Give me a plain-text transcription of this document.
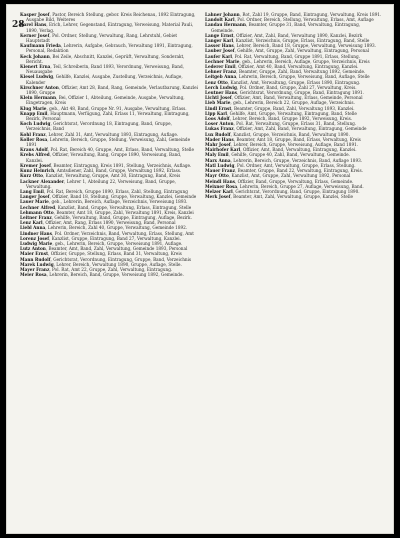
28

Kasper Josef, Pastor, Bereich Stellung, gebor. Kreis Reichenau, 1892 Eintragung, Ausgabe Bild, Weiteres

Karel Hans, Erich, Lehrer, Gegenstand, Eintragung, Verweisung, Material Pauli, 1890, Verlag.

Kerner Josef, Pol. Ordner, Stellung, Verwaltung, Rang, Lehrstuhl, Gebiet Hauptstadt

Kaufmann Frieda, Lehrerin, Aufgabe, Gebrauch, Verwaltung 1891, Eintragung, Personal, Redaktion

Keck Johann, Bei Zeile, Abschnitt, Kanzlei, Geprüft, Verwaltung, Sonderakt, Bericht.

Kienert Erna, Teil, Schreiberin, Band 1893, Verordnung, Verweisung, Band, Neuausgabe

Kiesel Ludwig, Gehilfe, Kanzlei, Ausgabe, Zustellung, Verzeichnis, Auflage, Kalender

Kirschner Anton, Offizier, Amt 28, Band, Rang, Gemeinde, Verlautbarung, Kanzlei 1890, Gruppe

Klein Hermann, Bei, Offizier 1, Abteilung, Gemeinde, Ausgabe, Verwaltung, Eingetragen, Kreis

Klug Marie, geb., Akt 48, Band, Gruppe Nr. 91, Ausgabe, Verwaltung, Erlass.

Knapp Emil, Hauptmann, Verfügung, Zahl, Erlass 11, Verwaltung, Eintragung, Bezirk, Personal

Koch Ludwig, Gerichtsrat, Verordnung 18, Eintragung, Band, Gruppe, Verzeichnis, Band

Kohl Franz, Lehrer, Zahl 31, Amt, Verwaltung 1893, Eintragung, Auflage.

Koller Rosa, Lehrerin, Bereich, Gruppe, Stellung, Verweisung, Zahl, Gemeinde 1891

Kraus Adolf, Pol. Rat, Bereich 40, Gruppe, Amt, Erlass, Band, Verwaltung, Stelle

Krebs Alfred, Offizier, Verwaltung, Rang, Gruppe 1890, Verweisung, Band, Kanzlei.

Kremer Josef, Beamter, Eintragung, Kreis 1891, Stellung, Verzeichnis, Auflage.

Kunz Heinrich, Amtsdiener, Zahl, Band, Gruppe, Verwaltung 1892, Erlass.

Kurz Otto, Kanzlist, Verwaltung, Gruppe, Amt 30, Eintragung, Band, Kreis

Lackner Alexander, Lehrer 1, Abteilung 22, Verweisung, Band, Gruppe, Verwaltung.

Lang Emil, Pol. Rat, Bereich, Gruppe 1890, Erlass, Zahl, Stellung, Eintragung

Langer Josef, Offizier, Band 18, Stellung, Gruppe, Verwaltung, Kanzlei, Gemeinde

Lauer Marie, geb., Lehrerin, Bereich, Auflage, Verzeichnis, Verweisung 1893.

Lechner Alfred, Kanzlist, Band, Gruppe, Verwaltung, Erlass, Eintragung, Stelle

Lehmann Otto, Beamter, Amt 18, Gruppe, Zahl, Verwaltung 1891, Kreis, Kanzlei

Leitner Franz, Gehilfe, Verwaltung, Band, Gruppe, Eintragung, Auflage, Bezirk.

Lenz Karl, Offizier, Amt, Rang, Erlass 1890, Verweisung, Band, Personal

Liebl Anna, Lehrerin, Bereich, Zahl 40, Gruppe, Verwaltung, Gemeinde 1892.

Lindner Hans, Pol. Ordner, Verzeichnis, Band, Verwaltung, Erlass, Stellung, Amt

Lorenz Josef, Kanzlist, Gruppe, Eintragung, Band 27, Verwaltung, Kanzlei.

Ludwig Marie, geb., Lehrerin, Bereich, Gruppe, Verweisung 1891, Auflage.

Lutz Anton, Beamter, Amt, Band, Zahl, Verwaltung, Gemeinde 1893, Personal

Maier Ernst, Offizier, Gruppe, Stellung, Erlass, Band 31, Verwaltung, Kreis

Mann Rudolf, Gerichtsrat, Verordnung, Eintragung, Gruppe, Band, Verzeichnis

Marek Ludwig, Lehrer, Bereich, Verwaltung 1890, Gruppe, Auflage, Stelle.

Mayer Franz, Pol. Rat, Amt 22, Gruppe, Zahl, Verwaltung, Eintragung.

Meier Rosa, Lehrerin, Bereich, Band, Gruppe, Verweisung 1892, Gemeinde.

Lahner Johann, Rot, Zahl 19, Gruppe, Band, Eintragung, Verwaltung, Kreis 1891.

Landolt Karl, Pol. Ordner, Bereich, Stellung, Verwaltung, Erlass, Amt, Auflage

Landau Hermann, Beamter, Gruppe 31, Band, Verwaltung, Eintragung, Gemeinde.

Lange Ernst, Offizier, Amt, Zahl, Band, Verwaltung 1890, Kanzlei, Bezirk

Langer Karl, Kanzlist, Verzeichnis, Gruppe, Erlass, Eintragung, Band, Stelle

Lasser Hans, Lehrer, Bereich, Band 18, Gruppe, Verwaltung, Verweisung 1893.

Lauber Josef, Gehilfe, Amt, Gruppe, Zahl, Verwaltung, Eintragung, Personal

Laufer Karl, Pol. Rat, Verwaltung, Band, Gruppe 1891, Erlass, Stellung.

Lechner Marie, geb., Lehrerin, Bereich, Auflage, Gruppe, Verzeichnis, Kreis

Lederer Emil, Offizier, Amt 40, Band, Verwaltung, Eintragung, Kanzlei.

Lehner Franz, Beamter, Gruppe, Zahl, Band, Verwaltung 1892, Gemeinde.

Leitgeb Anna, Lehrerin, Bereich, Gruppe, Verweisung, Band, Auflage, Stelle

Lenz Otto, Kanzlist, Amt, Verwaltung, Gruppe, Erlass 1890, Eintragung.

Lerch Ludwig, Pol. Ordner, Band, Gruppe, Zahl 27, Verwaltung, Kreis.

Leutner Hans, Gerichtsrat, Verordnung, Gruppe, Band, Eintragung 1891.

Lichtl Josef, Offizier, Amt, Band, Verwaltung, Erlass, Gemeinde, Personal

Lieb Marie, geb., Lehrerin, Bereich 22, Gruppe, Auflage, Verzeichnis.

Lindl Ernst, Beamter, Gruppe, Band, Zahl, Verwaltung 1893, Kanzlei.

Lipp Karl, Gehilfe, Amt, Gruppe, Verwaltung, Eintragung, Band, Stelle

Loos Adolf, Lehrer, Bereich, Band, Gruppe 1892, Verweisung, Kreis.

Loser Anton, Pol. Rat, Verwaltung, Gruppe, Erlass 31, Band, Stellung.

Lukas Franz, Offizier, Amt, Zahl, Band, Verwaltung, Eintragung, Gemeinde

Lux Rudolf, Kanzlist, Gruppe, Verzeichnis, Band, Verwaltung 1890.

Mader Hans, Beamter, Amt 18, Gruppe, Band, Erlass, Verwaltung, Kreis

Mahr Josef, Lehrer, Bereich, Gruppe, Verweisung, Auflage, Band 1891.

Mairhofer Karl, Offizier, Amt, Band, Verwaltung, Eintragung, Kanzlei.

Maly Emil, Gehilfe, Gruppe 40, Zahl, Band, Verwaltung, Gemeinde.

Marx Anna, Lehrerin, Bereich, Gruppe, Verzeichnis, Band, Auflage 1893.

Matl Ludwig, Pol. Ordner, Amt, Verwaltung, Gruppe, Erlass, Stellung.

Mauer Franz, Beamter, Gruppe, Band 22, Verwaltung, Eintragung, Kreis.

Mayr Otto, Kanzlist, Amt, Gruppe, Zahl, Verwaltung 1892, Personal

Meindl Hans, Offizier, Band, Gruppe, Verwaltung, Erlass, Gemeinde.

Meixner Rosa, Lehrerin, Bereich, Gruppe 27, Auflage, Verweisung, Band.

Melzer Karl, Gerichtsrat, Verordnung, Band, Gruppe, Eintragung 1890.

Merk Josef, Beamter, Amt, Zahl, Verwaltung, Gruppe, Kanzlei, Stelle
